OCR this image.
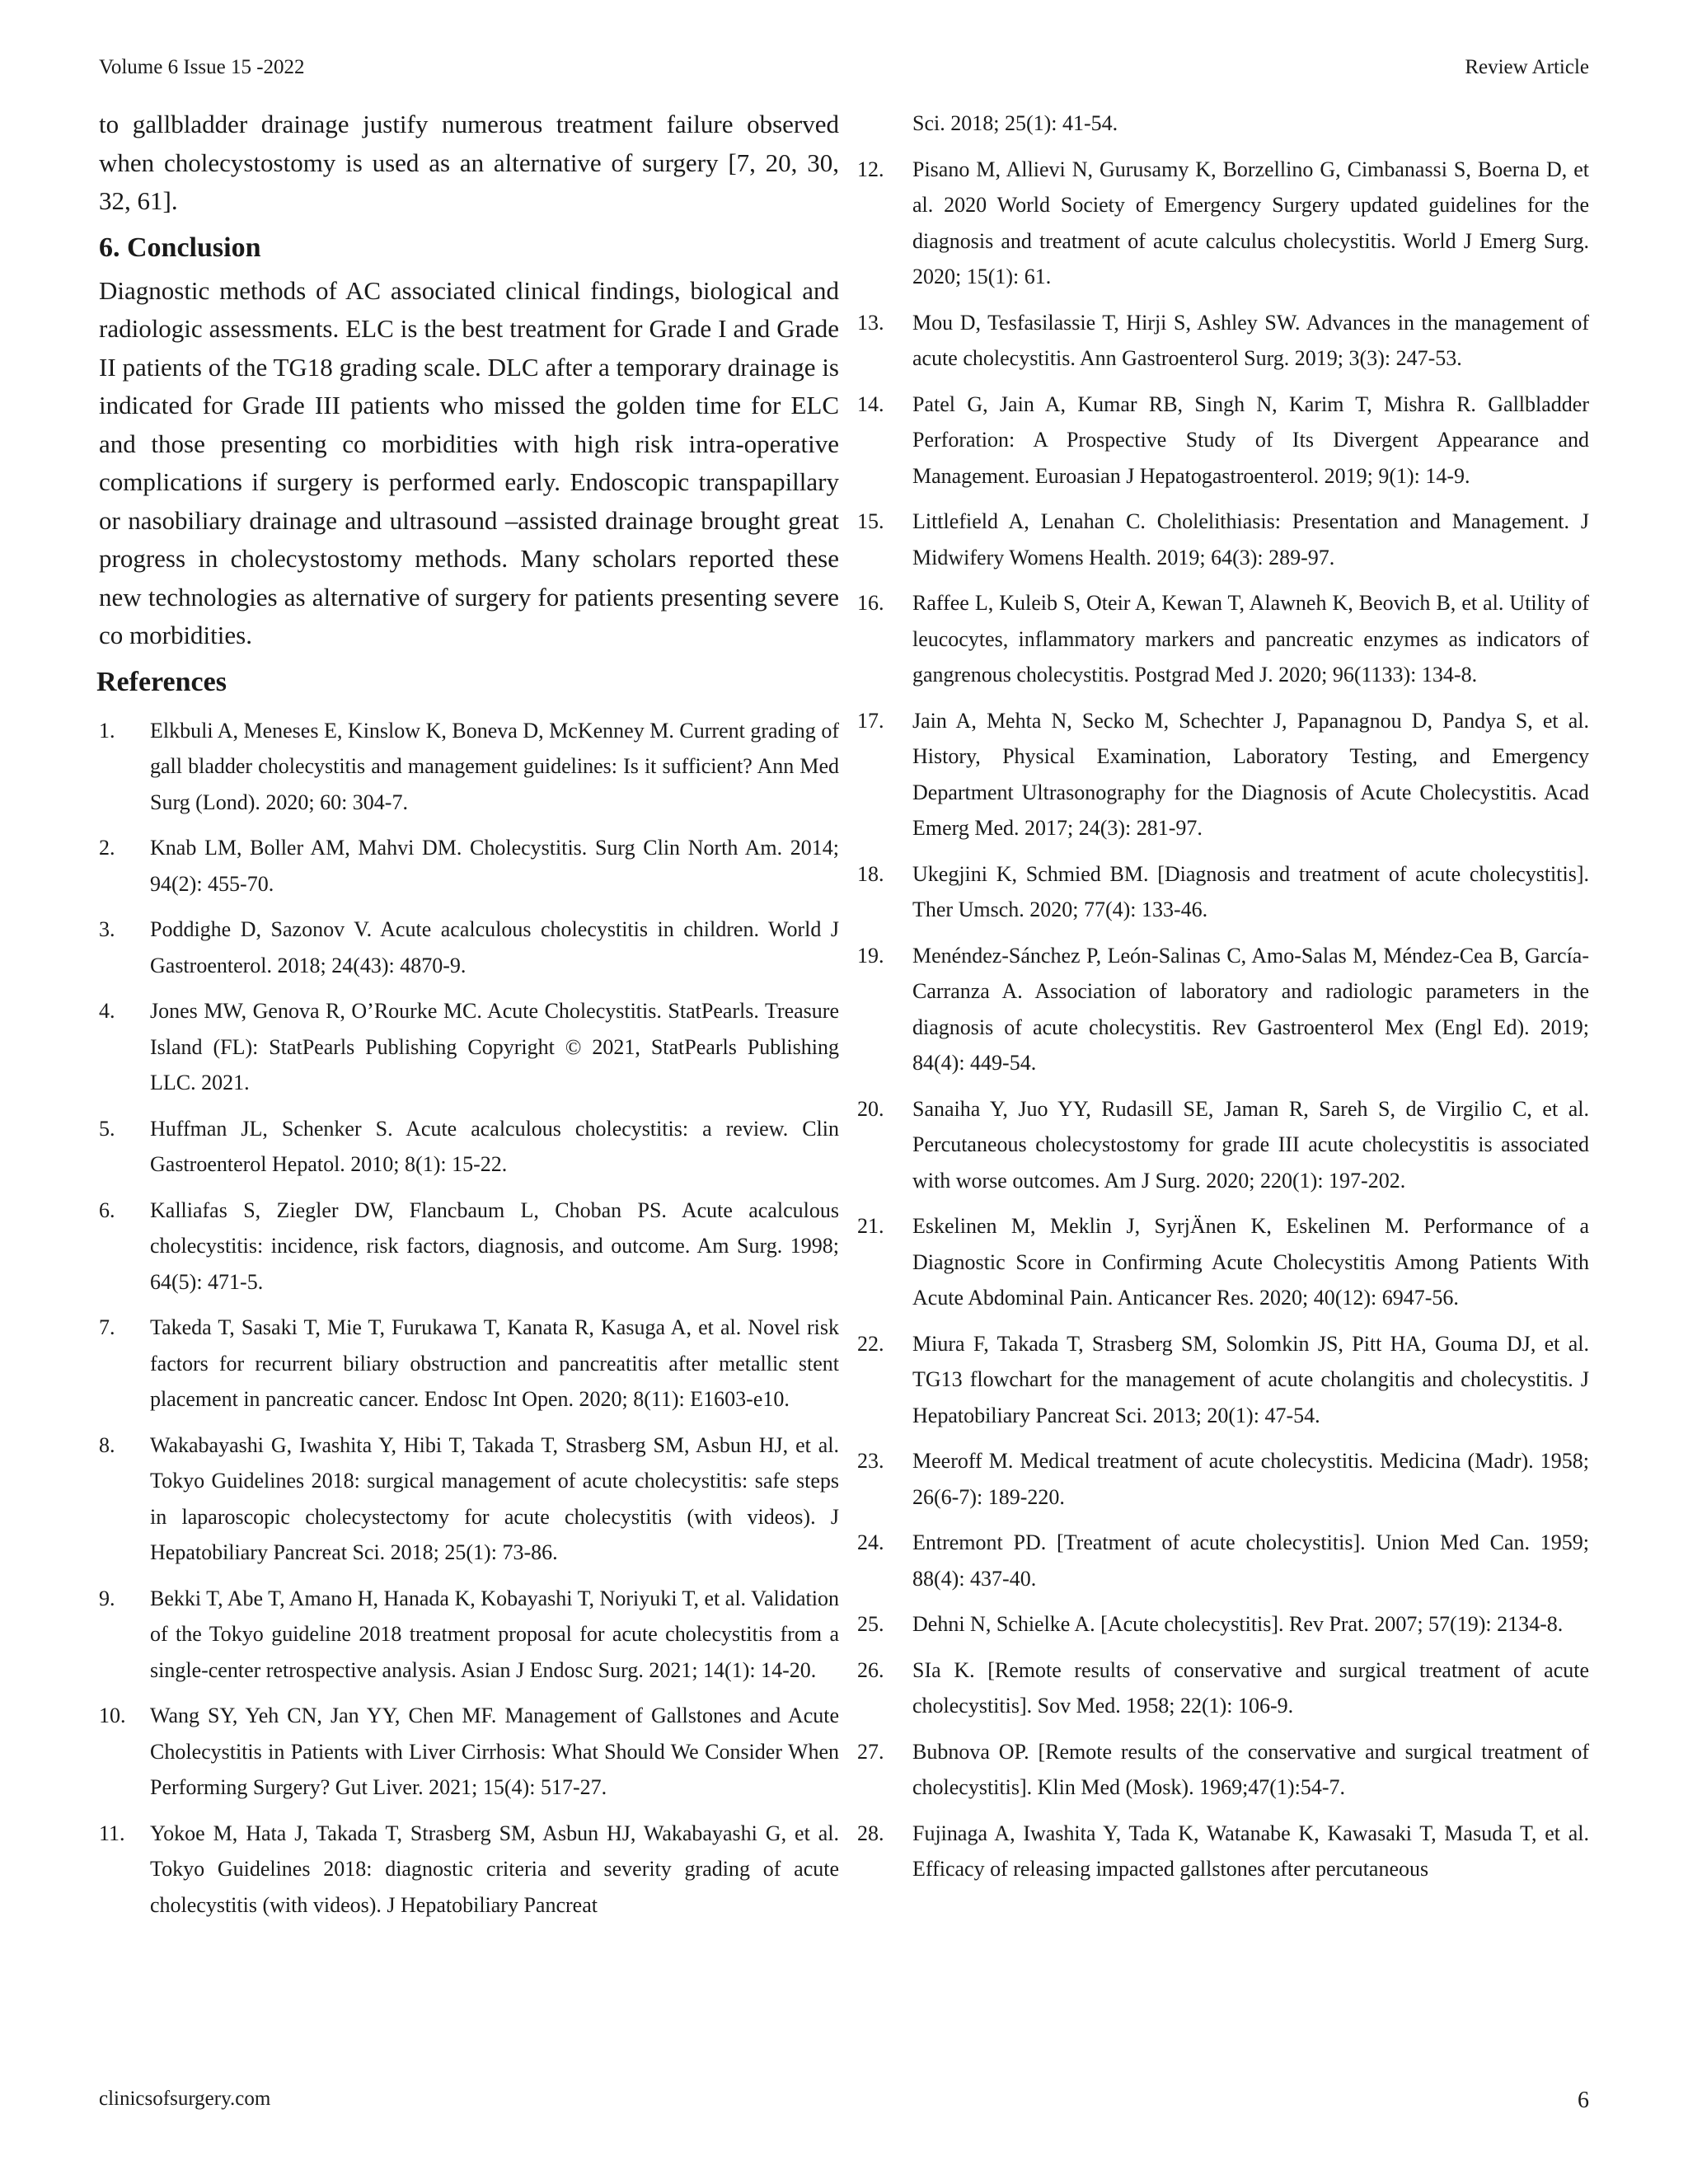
Volume 6 Issue 15 -2022	Review Article

to gallbladder drainage justify numerous treatment failure observed when cholecystostomy is used as an alternative of surgery [7, 20, 30, 32, 61].

6. Conclusion

Diagnostic methods of AC associated clinical findings, biological and radiologic assessments. ELC is the best treatment for Grade I and Grade II patients of the TG18 grading scale. DLC after a temporary drainage is indicated for Grade III patients who missed the golden time for ELC and those presenting co morbidities with high risk intra-operative complications if surgery is performed early. Endoscopic transpapillary or nasobiliary drainage and ultrasound –assisted drainage brought great progress in cholecystostomy methods. Many scholars reported these new technologies as alternative of surgery for patients presenting severe co morbidities.

References
1. Elkbuli A, Meneses E, Kinslow K, Boneva D, McKenney M. Current grading of gall bladder cholecystitis and management guidelines: Is it sufficient? Ann Med Surg (Lond). 2020; 60: 304-7.
2. Knab LM, Boller AM, Mahvi DM. Cholecystitis. Surg Clin North Am. 2014; 94(2): 455-70.
3. Poddighe D, Sazonov V. Acute acalculous cholecystitis in children. World J Gastroenterol. 2018; 24(43): 4870-9.
4. Jones MW, Genova R, O’Rourke MC. Acute Cholecystitis. StatPearls. Treasure Island (FL): StatPearls Publishing Copyright © 2021, StatPearls Publishing LLC. 2021.
5. Huffman JL, Schenker S. Acute acalculous cholecystitis: a review. Clin Gastroenterol Hepatol. 2010; 8(1): 15-22.
6. Kalliafas S, Ziegler DW, Flancbaum L, Choban PS. Acute acalculous cholecystitis: incidence, risk factors, diagnosis, and outcome. Am Surg. 1998; 64(5): 471-5.
7. Takeda T, Sasaki T, Mie T, Furukawa T, Kanata R, Kasuga A, et al. Novel risk factors for recurrent biliary obstruction and pancreatitis after metallic stent placement in pancreatic cancer. Endosc Int Open. 2020; 8(11): E1603-e10.
8. Wakabayashi G, Iwashita Y, Hibi T, Takada T, Strasberg SM, Asbun HJ, et al. Tokyo Guidelines 2018: surgical management of acute cholecystitis: safe steps in laparoscopic cholecystectomy for acute cholecystitis (with videos). J Hepatobiliary Pancreat Sci. 2018; 25(1): 73-86.
9. Bekki T, Abe T, Amano H, Hanada K, Kobayashi T, Noriyuki T, et al. Validation of the Tokyo guideline 2018 treatment proposal for acute cholecystitis from a single-center retrospective analysis. Asian J Endosc Surg. 2021; 14(1): 14-20.
10. Wang SY, Yeh CN, Jan YY, Chen MF. Management of Gallstones and Acute Cholecystitis in Patients with Liver Cirrhosis: What Should We Consider When Performing Surgery? Gut Liver. 2021; 15(4): 517-27.
11. Yokoe M, Hata J, Takada T, Strasberg SM, Asbun HJ, Wakabayashi G, et al. Tokyo Guidelines 2018: diagnostic criteria and severity grading of acute cholecystitis (with videos). J Hepatobiliary Pancreat

Sci. 2018; 25(1): 41-54.

12. Pisano M, Allievi N, Gurusamy K, Borzellino G, Cimbanassi S, Boerna D, et al. 2020 World Society of Emergency Surgery updated guidelines for the diagnosis and treatment of acute calculus cholecystitis. World J Emerg Surg. 2020; 15(1): 61.
13. Mou D, Tesfasilassie T, Hirji S, Ashley SW. Advances in the management of acute cholecystitis. Ann Gastroenterol Surg. 2019; 3(3): 247-53.
14. Patel G, Jain A, Kumar RB, Singh N, Karim T, Mishra R. Gallbladder Perforation: A Prospective Study of Its Divergent Appearance and Management. Euroasian J Hepatogastroenterol. 2019; 9(1): 14-9.
15. Littlefield A, Lenahan C. Cholelithiasis: Presentation and Management. J Midwifery Womens Health. 2019; 64(3): 289-97.
16. Raffee L, Kuleib S, Oteir A, Kewan T, Alawneh K, Beovich B, et al. Utility of leucocytes, inflammatory markers and pancreatic enzymes as indicators of gangrenous cholecystitis. Postgrad Med J. 2020; 96(1133): 134-8.
17. Jain A, Mehta N, Secko M, Schechter J, Papanagnou D, Pandya S, et al. History, Physical Examination, Laboratory Testing, and Emergency Department Ultrasonography for the Diagnosis of Acute Cholecystitis. Acad Emerg Med. 2017; 24(3): 281-97.
18. Ukegjini K, Schmied BM. [Diagnosis and treatment of acute cholecystitis]. Ther Umsch. 2020; 77(4): 133-46.
19. Menéndez-Sánchez P, León-Salinas C, Amo-Salas M, Méndez-Cea B, García-Carranza A. Association of laboratory and radiologic parameters in the diagnosis of acute cholecystitis. Rev Gastroenterol Mex (Engl Ed). 2019; 84(4): 449-54.
20. Sanaiha Y, Juo YY, Rudasill SE, Jaman R, Sareh S, de Virgilio C, et al. Percutaneous cholecystostomy for grade III acute cholecystitis is associated with worse outcomes. Am J Surg. 2020; 220(1): 197-202.
21. Eskelinen M, Meklin J, SyrjÄnen K, Eskelinen M. Performance of a Diagnostic Score in Confirming Acute Cholecystitis Among Patients With Acute Abdominal Pain. Anticancer Res. 2020; 40(12): 6947-56.
22. Miura F, Takada T, Strasberg SM, Solomkin JS, Pitt HA, Gouma DJ, et al. TG13 flowchart for the management of acute cholangitis and cholecystitis. J Hepatobiliary Pancreat Sci. 2013; 20(1): 47-54.
23. Meeroff M. Medical treatment of acute cholecystitis. Medicina (Madr). 1958; 26(6-7): 189-220.
24. Entremont PD. [Treatment of acute cholecystitis]. Union Med Can. 1959; 88(4): 437-40.
25. Dehni N, Schielke A. [Acute cholecystitis]. Rev Prat. 2007; 57(19): 2134-8.
26. SIa K. [Remote results of conservative and surgical treatment of acute cholecystitis]. Sov Med. 1958; 22(1): 106-9.
27. Bubnova OP. [Remote results of the conservative and surgical treatment of cholecystitis]. Klin Med (Mosk). 1969;47(1):54-7.
28. Fujinaga A, Iwashita Y, Tada K, Watanabe K, Kawasaki T, Masuda T, et al. Efficacy of releasing impacted gallstones after percutaneous
clinicsofsurgery.com	6
